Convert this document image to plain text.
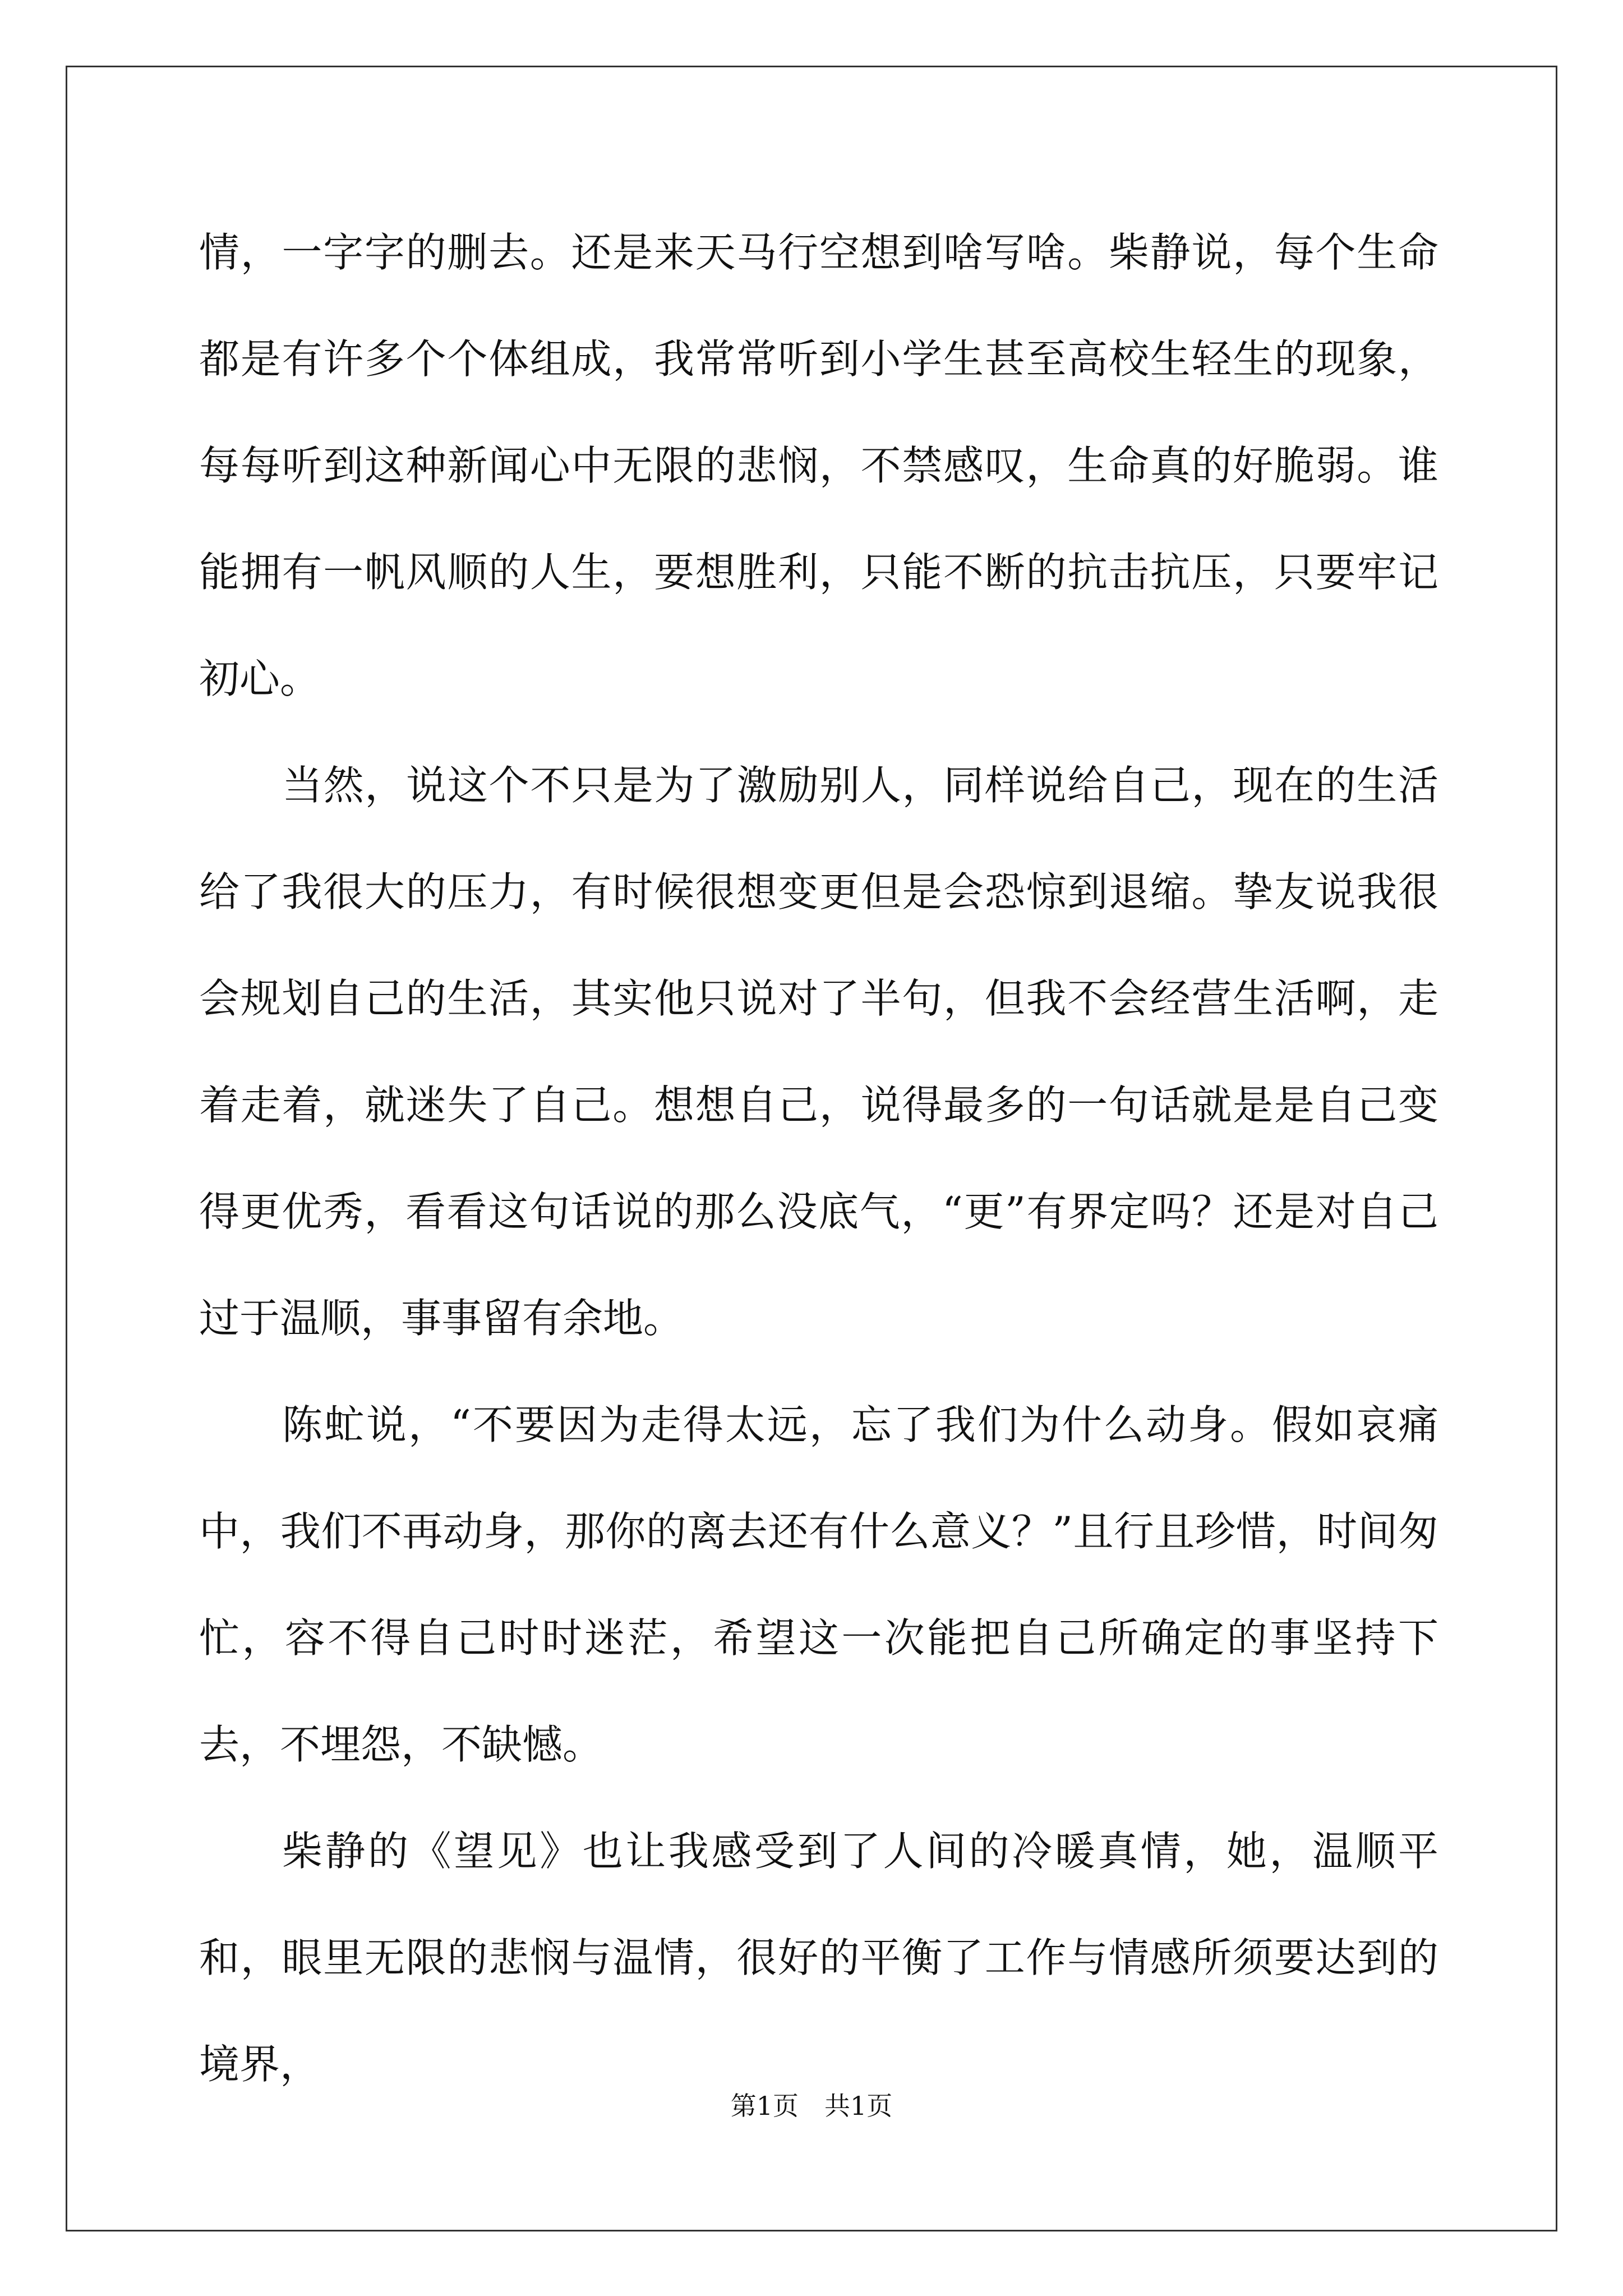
情，一字字的删去。还是来天马行空想到啥写啥。柴静说，每个生命都是有许多个个体组成，我常常听到小学生甚至高校生轻生的现象，每每听到这种新闻心中无限的悲悯，不禁感叹，生命真的好脆弱。谁能拥有一帆风顺的人生，要想胜利，只能不断的抗击抗压，只要牢记初心。

当然，说这个不只是为了激励别人，同样说给自己，现在的生活给了我很大的压力，有时候很想变更但是会恐惊到退缩。挚友说我很会规划自己的生活，其实他只说对了半句，但我不会经营生活啊，走着走着，就迷失了自己。想想自己，说得最多的一句话就是是自己变得更优秀，看看这句话说的那么没底气，“更”有界定吗？还是对自己过于温顺，事事留有余地。

陈虻说，“不要因为走得太远，忘了我们为什么动身。假如哀痛中，我们不再动身，那你的离去还有什么意义？”且行且珍惜，时间匆忙，容不得自己时时迷茫，希望这一次能把自己所确定的事坚持下去，不埋怨，不缺憾。

柴静的《望见》也让我感受到了人间的冷暖真情，她，温顺平和，眼里无限的悲悯与温情，很好的平衡了工作与情感所须要达到的境界，

第1页　共1页
